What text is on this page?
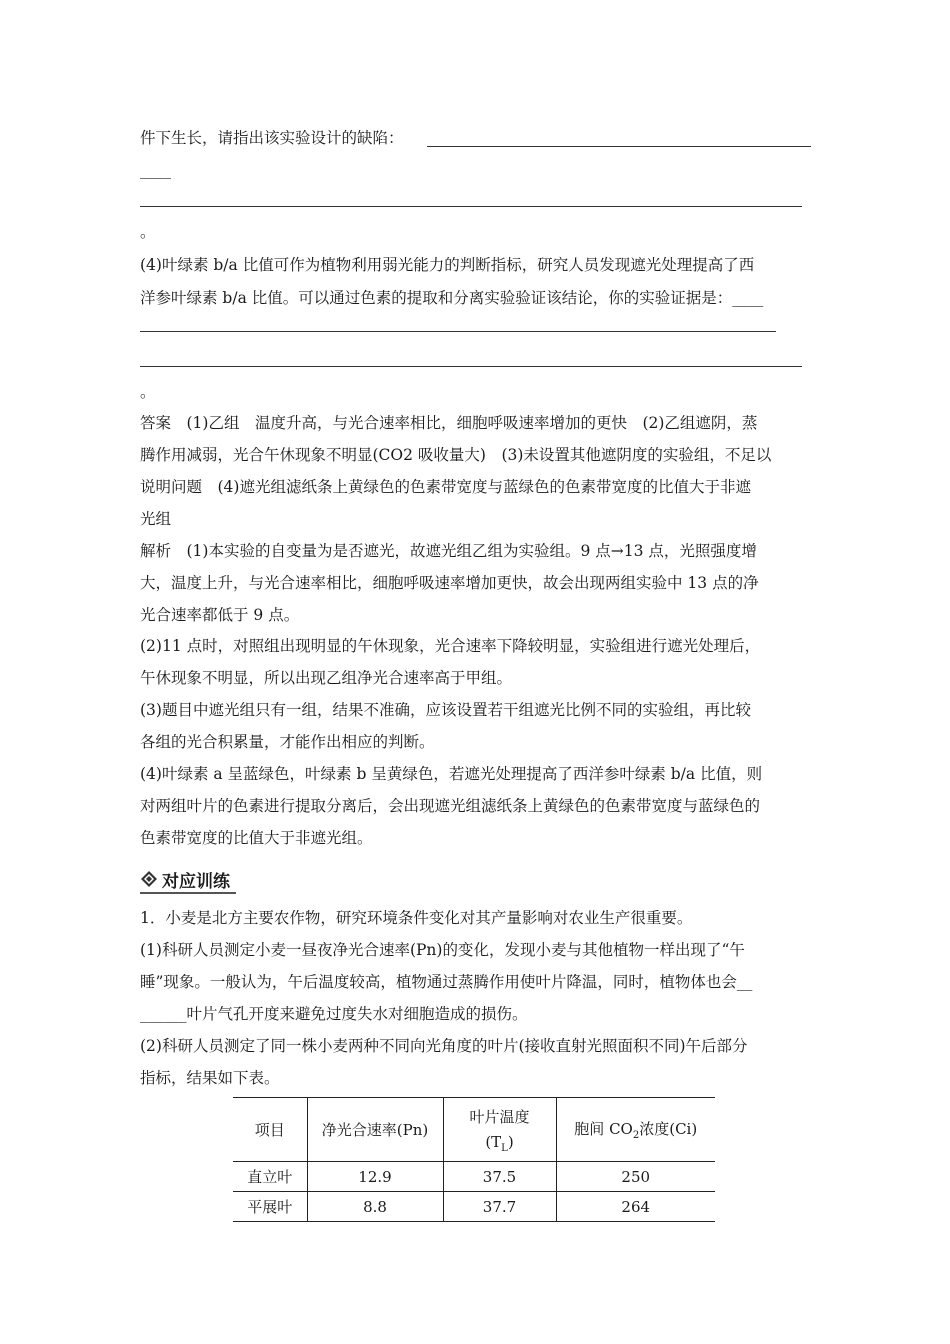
件下生长，请指出该实验设计的缺陷：
____
。
(4)叶绿素 b/a 比值可作为植物利用弱光能力的判断指标，研究人员发现遮光处理提高了西
洋参叶绿素 b/a 比值。可以通过色素的提取和分离实验验证该结论，你的实验证据是：____
。
答案　(1)乙组　温度升高，与光合速率相比，细胞呼吸速率增加的更快　(2)乙组遮阴，蒸
腾作用减弱，光合午休现象不明显(CO2 吸收量大)　(3)未设置其他遮阴度的实验组，不足以
说明问题　(4)遮光组滤纸条上黄绿色的色素带宽度与蓝绿色的色素带宽度的比值大于非遮
光组
解析　(1)本实验的自变量为是否遮光，故遮光组乙组为实验组。9 点→13 点，光照强度增
大，温度上升，与光合速率相比，细胞呼吸速率增加更快，故会出现两组实验中 13 点的净
光合速率都低于 9 点。
(2)11 点时，对照组出现明显的午休现象，光合速率下降较明显，实验组进行遮光处理后，
午休现象不明显，所以出现乙组净光合速率高于甲组。
(3)题目中遮光组只有一组，结果不准确，应该设置若干组遮光比例不同的实验组，再比较
各组的光合积累量，才能作出相应的判断。
(4)叶绿素 a 呈蓝绿色，叶绿素 b 呈黄绿色，若遮光处理提高了西洋参叶绿素 b/a 比值，则
对两组叶片的色素进行提取分离后，会出现遮光组滤纸条上黄绿色的色素带宽度与蓝绿色的
色素带宽度的比值大于非遮光组。
对应训练
1．小麦是北方主要农作物，研究环境条件变化对其产量影响对农业生产很重要。
(1)科研人员测定小麦一昼夜净光合速率(Pn)的变化，发现小麦与其他植物一样出现了“午
睡”现象。一般认为，午后温度较高，植物通过蒸腾作用使叶片降温，同时，植物体也会__
______叶片气孔开度来避免过度失水对细胞造成的损伤。
(2)科研人员测定了同一株小麦两种不同向光角度的叶片(接收直射光照面积不同)午后部分
指标，结果如下表。
项目	净光合速率(Pn)	叶片温度
$(T_L)$	胞间 $CO_2$浓度(Ci)
直立叶	12.9	37.5	250
平展叶	8.8	37.7	264
